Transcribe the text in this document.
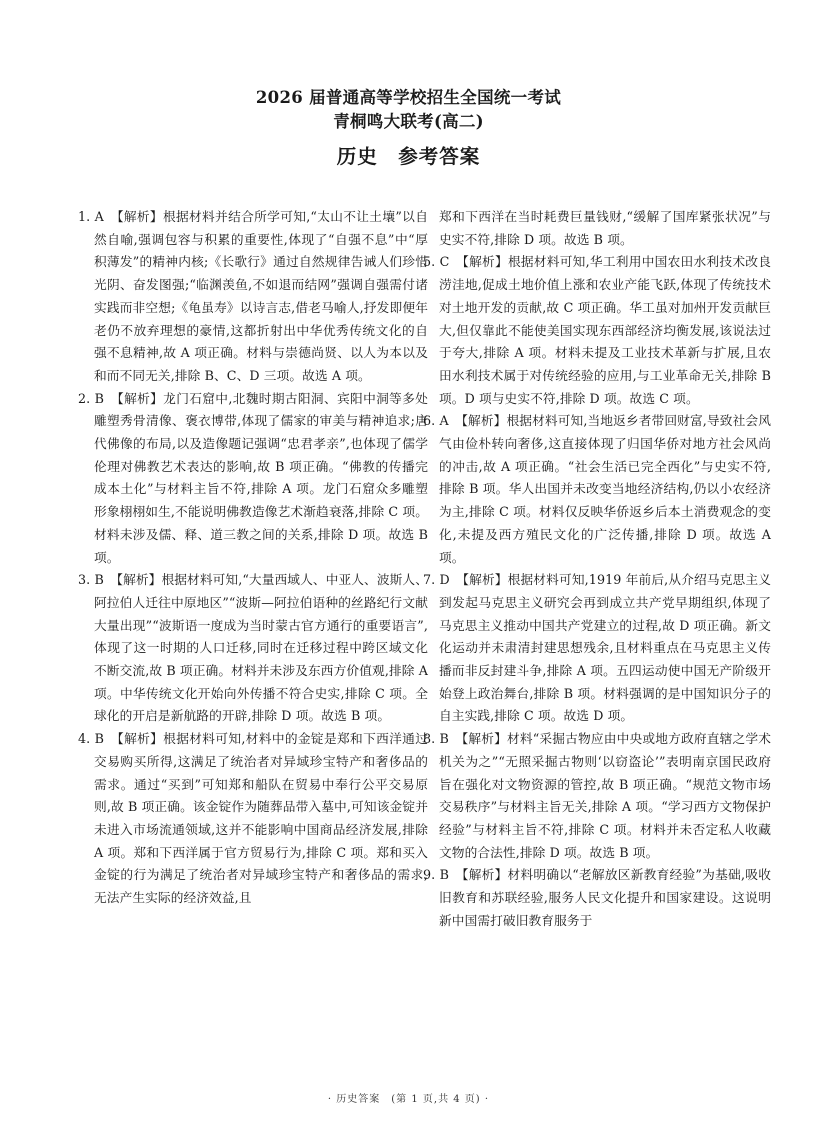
2026 届普通高等学校招生全国统一考试
青桐鸣大联考(高二)
历史　参考答案

1. A　【解析】根据材料并结合所学可知,“太山不让土壤”以自然自喻,强调包容与积累的重要性,体现了“自强不息”中“厚积薄发”的精神内核;《长歌行》通过自然规律告诫人们珍惜光阴、奋发图强;“临渊羡鱼,不如退而结网”强调自强需付诸实践而非空想;《龟虽寿》以诗言志,借老马喻人,抒发即便年老仍不放弃理想的豪情,这都折射出中华优秀传统文化的自强不息精神,故 A 项正确。材料与崇德尚贤、以人为本以及和而不同无关,排除 B、C、D 三项。故选 A 项。

2. B　【解析】龙门石窟中,北魏时期古阳洞、宾阳中洞等多处雕塑秀骨清像、褒衣博带,体现了儒家的审美与精神追求;唐代佛像的布局,以及造像题记强调“忠君孝亲”,也体现了儒学伦理对佛教艺术表达的影响,故 B 项正确。“佛教的传播完成本土化”与材料主旨不符,排除 A 项。龙门石窟众多雕塑形象栩栩如生,不能说明佛教造像艺术渐趋衰落,排除 C 项。材料未涉及儒、释、道三教之间的关系,排除 D 项。故选 B 项。

3. B　【解析】根据材料可知,“大量西域人、中亚人、波斯人、阿拉伯人迁往中原地区”“波斯—阿拉伯语种的丝路纪行文献大量出现”“波斯语一度成为当时蒙古官方通行的重要语言”,体现了这一时期的人口迁移,同时在迁移过程中跨区域文化不断交流,故 B 项正确。材料并未涉及东西方价值观,排除 A 项。中华传统文化开始向外传播不符合史实,排除 C 项。全球化的开启是新航路的开辟,排除 D 项。故选 B 项。

4. B　【解析】根据材料可知,材料中的金锭是郑和下西洋通过交易购买所得,这满足了统治者对异域珍宝特产和奢侈品的需求。通过“买到”可知郑和船队在贸易中奉行公平交易原则,故 B 项正确。该金锭作为随葬品带入墓中,可知该金锭并未进入市场流通领域,这并不能影响中国商品经济发展,排除 A 项。郑和下西洋属于官方贸易行为,排除 C 项。郑和买入金锭的行为满足了统治者对异域珍宝特产和奢侈品的需求,无法产生实际的经济效益,且

郑和下西洋在当时耗费巨量钱财,“缓解了国库紧张状况”与史实不符,排除 D 项。故选 B 项。

5. C　【解析】根据材料可知,华工利用中国农田水利技术改良涝洼地,促成土地价值上涨和农业产能飞跃,体现了传统技术对土地开发的贡献,故 C 项正确。华工虽对加州开发贡献巨大,但仅靠此不能使美国实现东西部经济均衡发展,该说法过于夸大,排除 A 项。材料未提及工业技术革新与扩展,且农田水利技术属于对传统经验的应用,与工业革命无关,排除 B 项。D 项与史实不符,排除 D 项。故选 C 项。

6. A　【解析】根据材料可知,当地返乡者带回财富,导致社会风气由俭朴转向奢侈,这直接体现了归国华侨对地方社会风尚的冲击,故 A 项正确。“社会生活已完全西化”与史实不符,排除 B 项。华人出国并未改变当地经济结构,仍以小农经济为主,排除 C 项。材料仅反映华侨返乡后本土消费观念的变化,未提及西方殖民文化的广泛传播,排除 D 项。故选 A 项。

7. D　【解析】根据材料可知,1919 年前后,从介绍马克思主义到发起马克思主义研究会再到成立共产党早期组织,体现了马克思主义推动中国共产党建立的过程,故 D 项正确。新文化运动并未肃清封建思想残余,且材料重点在马克思主义传播而非反封建斗争,排除 A 项。五四运动使中国无产阶级开始登上政治舞台,排除 B 项。材料强调的是中国知识分子的自主实践,排除 C 项。故选 D 项。

8. B　【解析】材料“采掘古物应由中央或地方政府直辖之学术机关为之”“无照采掘古物则‘以窃盗论’”表明南京国民政府旨在强化对文物资源的管控,故 B 项正确。“规范文物市场交易秩序”与材料主旨无关,排除 A 项。“学习西方文物保护经验”与材料主旨不符,排除 C 项。材料并未否定私人收藏文物的合法性,排除 D 项。故选 B 项。

9. B　【解析】材料明确以“老解放区新教育经验”为基础,吸收旧教育和苏联经验,服务人民文化提升和国家建设。这说明新中国需打破旧教育服务于

· 历史答案　(第 1 页,共 4 页) ·
